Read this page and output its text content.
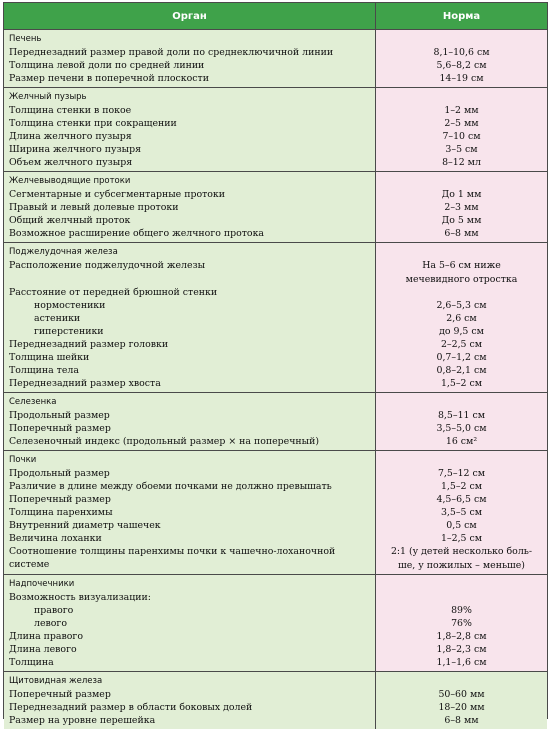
Орган	Норма
Печень
Переднезадний размер правой доли по среднеключичной линии
Толщина левой доли по средней линии
Размер печени в поперечной плоскости
8,1–10,6 см
5,6–8,2 см
14–19 см
Желчный пузырь
Толщина стенки в покое
Толщина стенки при сокращении
Длина желчного пузыря
Ширина желчного пузыря
Объем желчного пузыря
1–2 мм
2–5 мм
7–10 см
3–5 см
8–12 мл
Желчевыводящие протоки
Сегментарные и субсегментарные протоки
Правый и левый долевые протоки
Общий желчный проток
Возможное расширение общего желчного протока
До 1 мм
2–3 мм
До 5 мм
6–8 мм
Поджелудочная железа
Расположение поджелудочной железы
Расстояние от передней брюшной стенки
нормостеники
астеники
гиперстеники
Переднезадний размер головки
Толщина шейки
Толщина тела
Переднезадний размер хвоста
На 5–6 см ниже
мечевидного отростка
2,6–5,3 см
2,6 см
до 9,5 см
2–2,5 см
0,7–1,2 см
0,8–2,1 см
1,5–2 см
Селезенка
Продольный размер
Поперечный размер
Селезеночный индекс (продольный размер × на поперечный)
8,5–11 см
3,5–5,0 см
16 см²
Почки
Продольный размер
Различие в длине между обоеми почками не должно превышать
Поперечный размер
Толщина паренхимы
Внутренний диаметр чашечек
Величина лоханки
Соотношение толщины паренхимы почки к чашечно-лоханочной системе
7,5–12 см
1,5–2 см
4,5–6,5 см
3,5–5 см
0,5 см
1–2,5 см
2:1 (у детей несколько боль-
ше, у пожилых – меньше)
Надпочечники
Возможность визуализации:
правого
левого
Длина правого
Длина левого
Толщина
89%
76%
1,8–2,8 см
1,8–2,3 см
1,1–1,6 см
Щитовидная железа
Поперечный размер
Переднезадний размер в области боковых долей
Размер на уровне перешейка
50–60 мм
18–20 мм
6–8 мм
